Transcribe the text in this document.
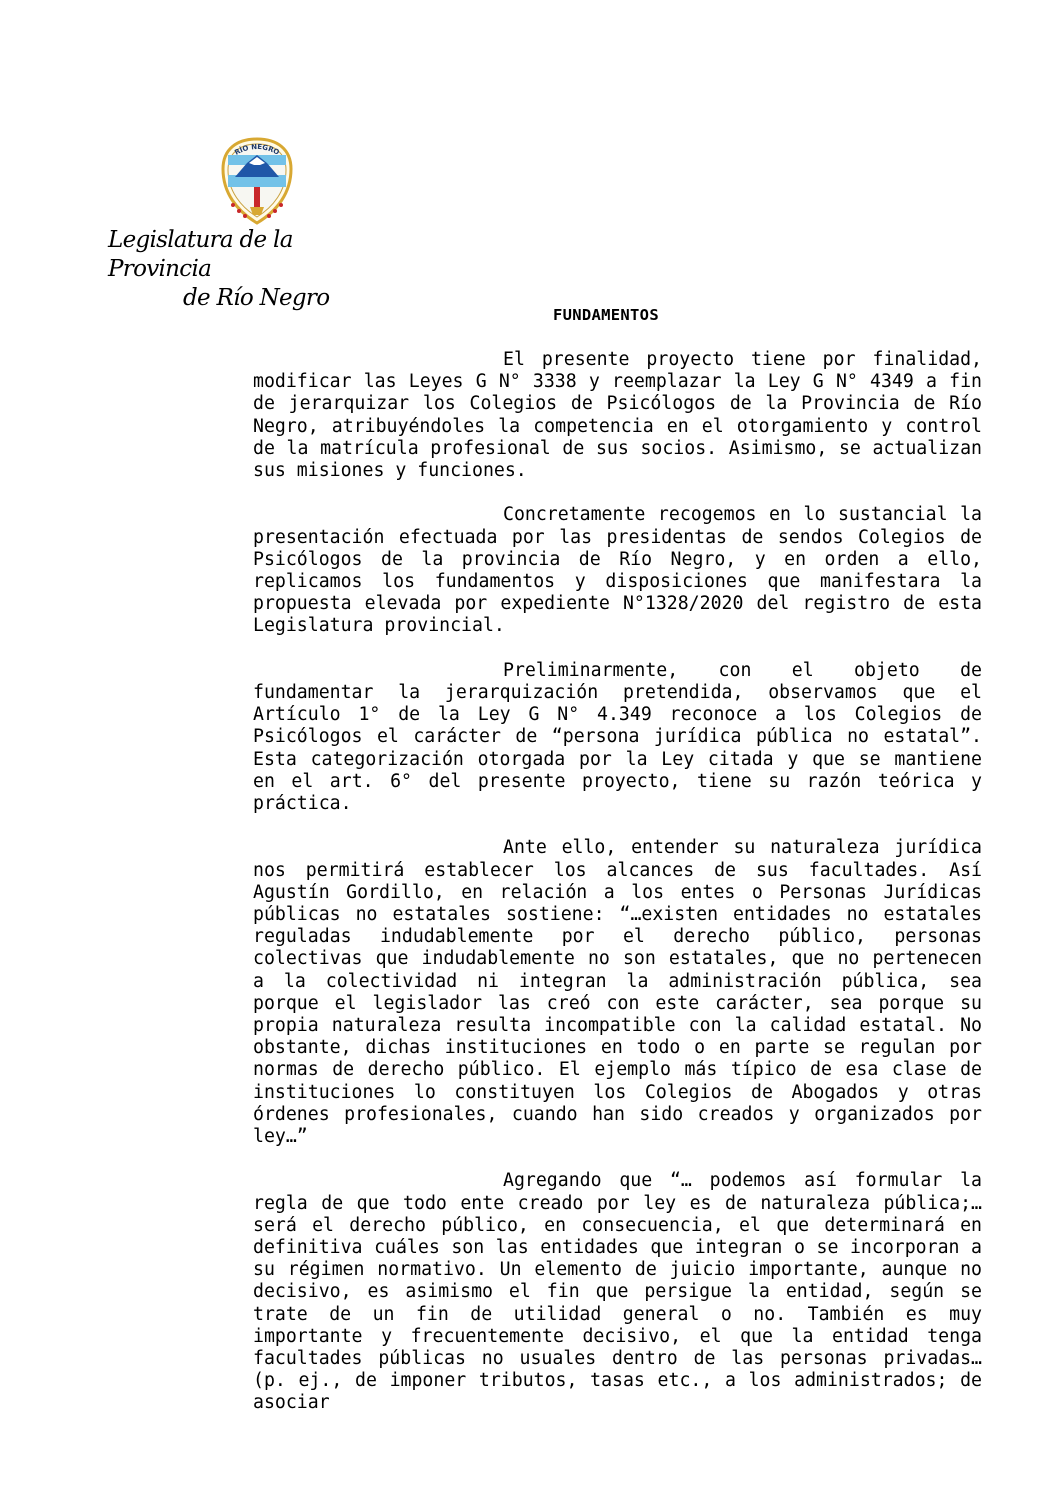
RÍO NEGRO
Legislatura de la Provincia
de Río Negro
FUNDAMENTOS

El presente proyecto tiene por finalidad, modificar las Leyes G N° 3338 y reemplazar la Ley G N° 4349 a fin de jerarquizar los Colegios de Psicólogos de la Provincia de Río Negro, atribuyéndoles la competencia en el otorgamiento y control de la matrícula profesional de sus socios. Asimismo, se actualizan sus misiones y funciones.

Concretamente recogemos en lo sustancial la presentación efectuada por las presidentas de sendos Colegios de Psicólogos de la provincia de Río Negro, y en orden a ello, replicamos los fundamentos y disposiciones que manifestara la propuesta elevada por expediente N°1328/2020 del registro de esta Legislatura provincial.

Preliminarmente, con el objeto de fundamentar la jerarquización pretendida, observamos que el Artículo 1° de la Ley G N° 4.349 reconoce a los Colegios de Psicólogos el carácter de “persona jurídica pública no estatal”. Esta categorización otorgada por la Ley citada y que se mantiene en el art. 6° del presente proyecto, tiene su razón teórica y práctica.

Ante ello, entender su naturaleza jurídica nos permitirá establecer los alcances de sus facultades. Así Agustín Gordillo, en relación a los entes o Personas Jurídicas públicas no estatales sostiene: “…existen entidades no estatales reguladas indudablemente por el derecho público, personas colectivas que indudablemente no son estatales, que no pertenecen a la colectividad ni integran la administración pública, sea porque el legislador las creó con este carácter, sea porque su propia naturaleza resulta incompatible con la calidad estatal. No obstante, dichas instituciones en todo o en parte se regulan por normas de derecho público. El ejemplo más típico de esa clase de instituciones lo constituyen los Colegios de Abogados y otras órdenes profesionales, cuando han sido creados y organizados por ley…”

Agregando que “… podemos así formular la regla de que todo ente creado por ley es de naturaleza pública;… será el derecho público, en consecuencia, el que determinará en definitiva cuáles son las entidades que integran o se incorporan a su régimen normativo. Un elemento de juicio importante, aunque no decisivo, es asimismo el fin que persigue la entidad, según se trate de un fin de utilidad general o no. También es muy importante y frecuentemente decisivo, el que la entidad tenga facultades públicas no usuales dentro de las personas privadas… (p. ej., de imponer tributos, tasas etc., a los administrados; de asociar
